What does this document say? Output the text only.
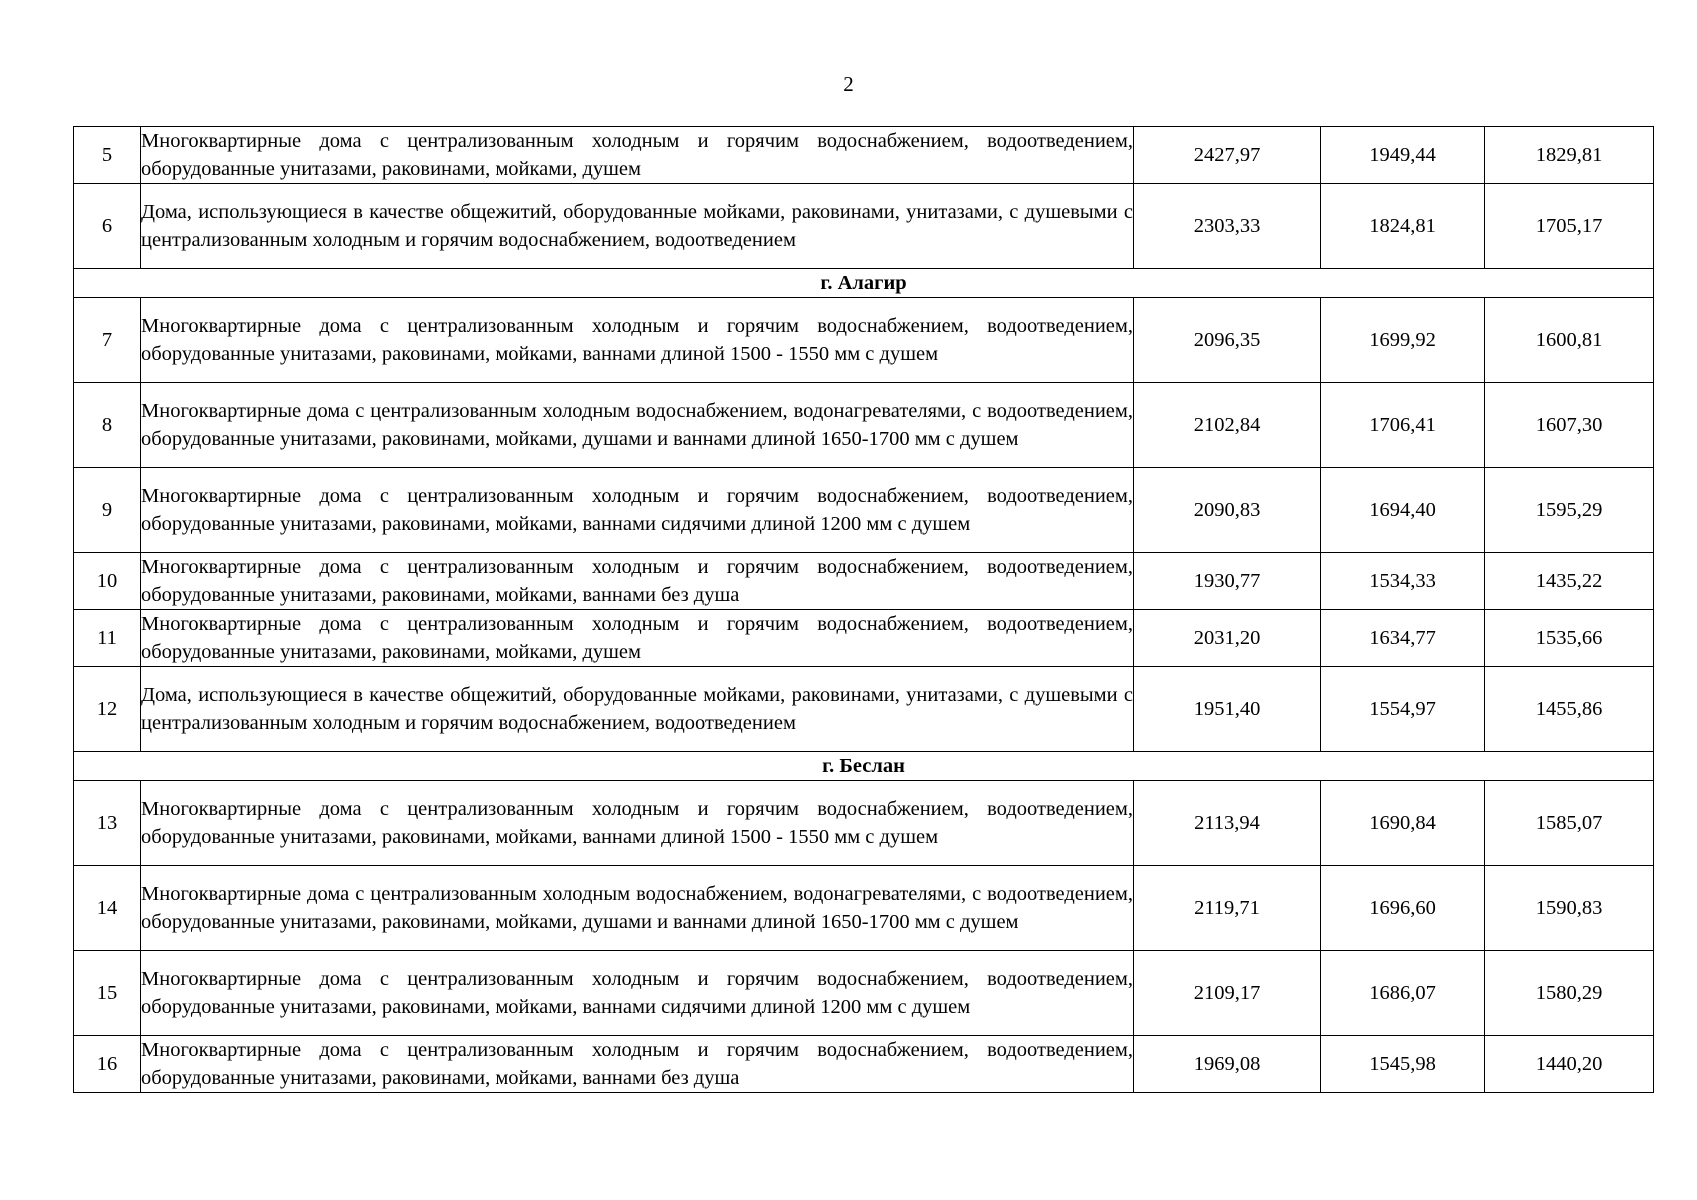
2
5	Многоквартирные дома с централизованным холодным и горячим водоснабжением, водоотведением, оборудованные унитазами, раковинами, мойками, душем	2427,97	1949,44	1829,81
6	Дома, использующиеся в качестве общежитий, оборудованные мойками, раковинами, унитазами, с душевыми с централизованным холодным и горячим водоснабжением, водоотведением	2303,33	1824,81	1705,17
г. Алагир				
7	Многоквартирные дома с централизованным холодным и горячим водоснабжением, водоотведением, оборудованные унитазами, раковинами, мойками, ваннами длиной 1500 - 1550 мм с душем	2096,35	1699,92	1600,81
8	Многоквартирные дома с централизованным холодным водоснабжением, водонагревателями, с водоотведением, оборудованные унитазами, раковинами, мойками, душами и ваннами длиной 1650-1700 мм с душем	2102,84	1706,41	1607,30
9	Многоквартирные дома с централизованным холодным и горячим водоснабжением, водоотведением, оборудованные унитазами, раковинами, мойками, ваннами сидячими длиной 1200 мм с душем	2090,83	1694,40	1595,29
10	Многоквартирные дома с централизованным холодным и горячим водоснабжением, водоотведением, оборудованные унитазами, раковинами, мойками, ваннами без душа	1930,77	1534,33	1435,22
11	Многоквартирные дома с централизованным холодным и горячим водоснабжением, водоотведением, оборудованные унитазами, раковинами, мойками, душем	2031,20	1634,77	1535,66
12	Дома, использующиеся в качестве общежитий, оборудованные мойками, раковинами, унитазами, с душевыми с централизованным холодным и горячим водоснабжением, водоотведением	1951,40	1554,97	1455,86
г. Беслан				
13	Многоквартирные дома с централизованным холодным и горячим водоснабжением, водоотведением, оборудованные унитазами, раковинами, мойками, ваннами длиной 1500 - 1550 мм с душем	2113,94	1690,84	1585,07
14	Многоквартирные дома с централизованным холодным водоснабжением, водонагревателями, с водоотведением, оборудованные унитазами, раковинами, мойками, душами и ваннами длиной 1650-1700 мм с душем	2119,71	1696,60	1590,83
15	Многоквартирные дома с централизованным холодным и горячим водоснабжением, водоотведением, оборудованные унитазами, раковинами, мойками, ваннами сидячими длиной 1200 мм с душем	2109,17	1686,07	1580,29
16	Многоквартирные дома с централизованным холодным и горячим водоснабжением, водоотведением, оборудованные унитазами, раковинами, мойками, ваннами без душа	1969,08	1545,98	1440,20
